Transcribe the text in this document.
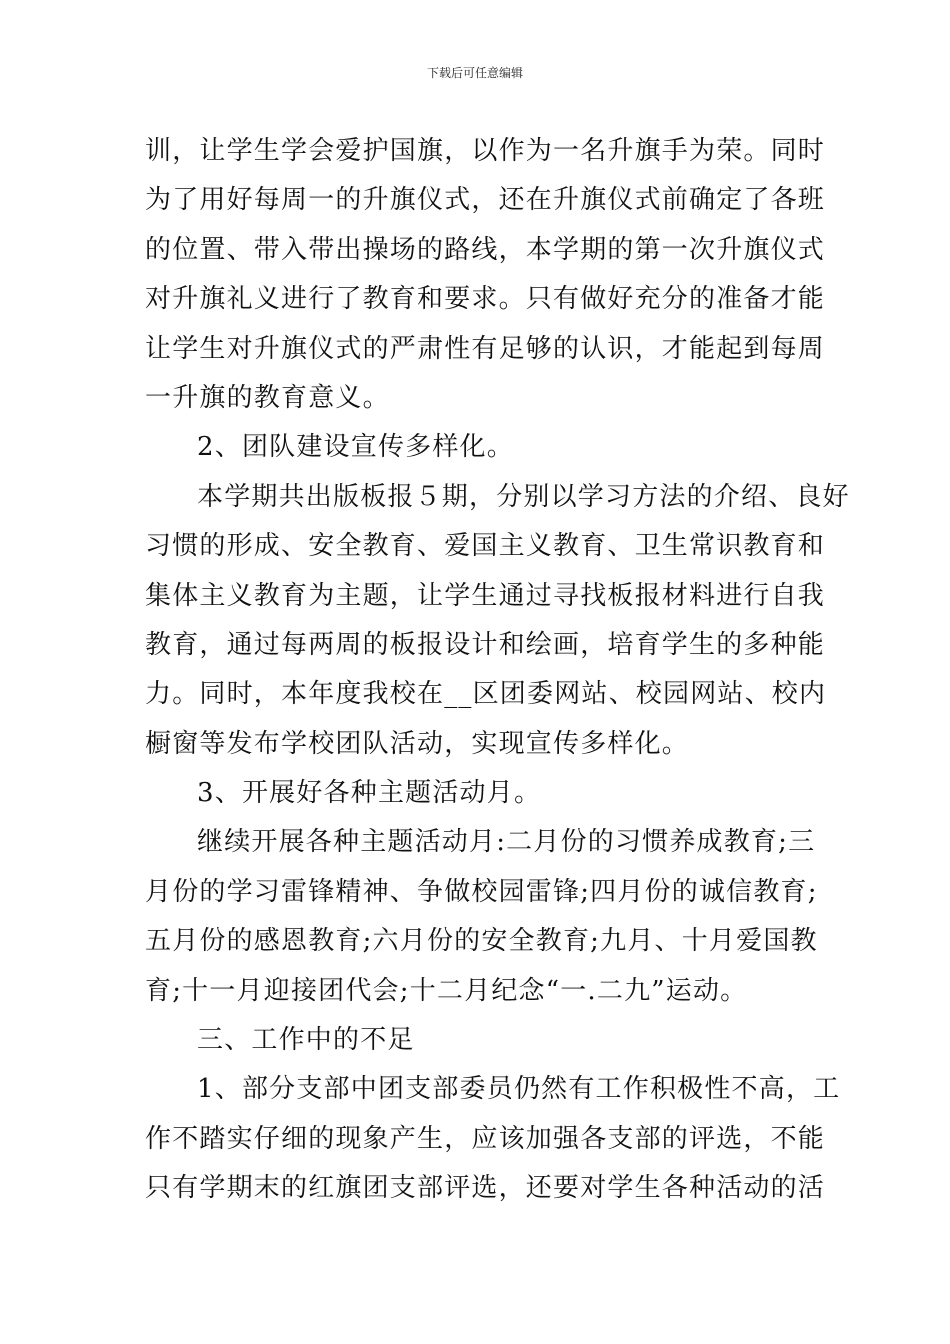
下载后可任意编辑
训，让学生学会爱护国旗，以作为一名升旗手为荣。同时
为了用好每周一的升旗仪式，还在升旗仪式前确定了各班
的位置、带入带出操场的路线，本学期的第一次升旗仪式
对升旗礼义进行了教育和要求。只有做好充分的准备才能
让学生对升旗仪式的严肃性有足够的认识，才能起到每周
一升旗的教育意义。
2、团队建设宣传多样化。
本学期共出版板报５期，分别以学习方法的介绍、良好
习惯的形成、安全教育、爱国主义教育、卫生常识教育和
集体主义教育为主题，让学生通过寻找板报材料进行自我
教育，通过每两周的板报设计和绘画，培育学生的多种能
力。同时，本年度我校在__区团委网站、校园网站、校内
橱窗等发布学校团队活动，实现宣传多样化。
3、开展好各种主题活动月。
继续开展各种主题活动月:二月份的习惯养成教育;三
月份的学习雷锋精神、争做校园雷锋;四月份的诚信教育;
五月份的感恩教育;六月份的安全教育;九月、十月爱国教
育;十一月迎接团代会;十二月纪念“一.二九”运动。
三、工作中的不足
1、部分支部中团支部委员仍然有工作积极性不高，工
作不踏实仔细的现象产生，应该加强各支部的评选，不能
只有学期末的红旗团支部评选，还要对学生各种活动的活
